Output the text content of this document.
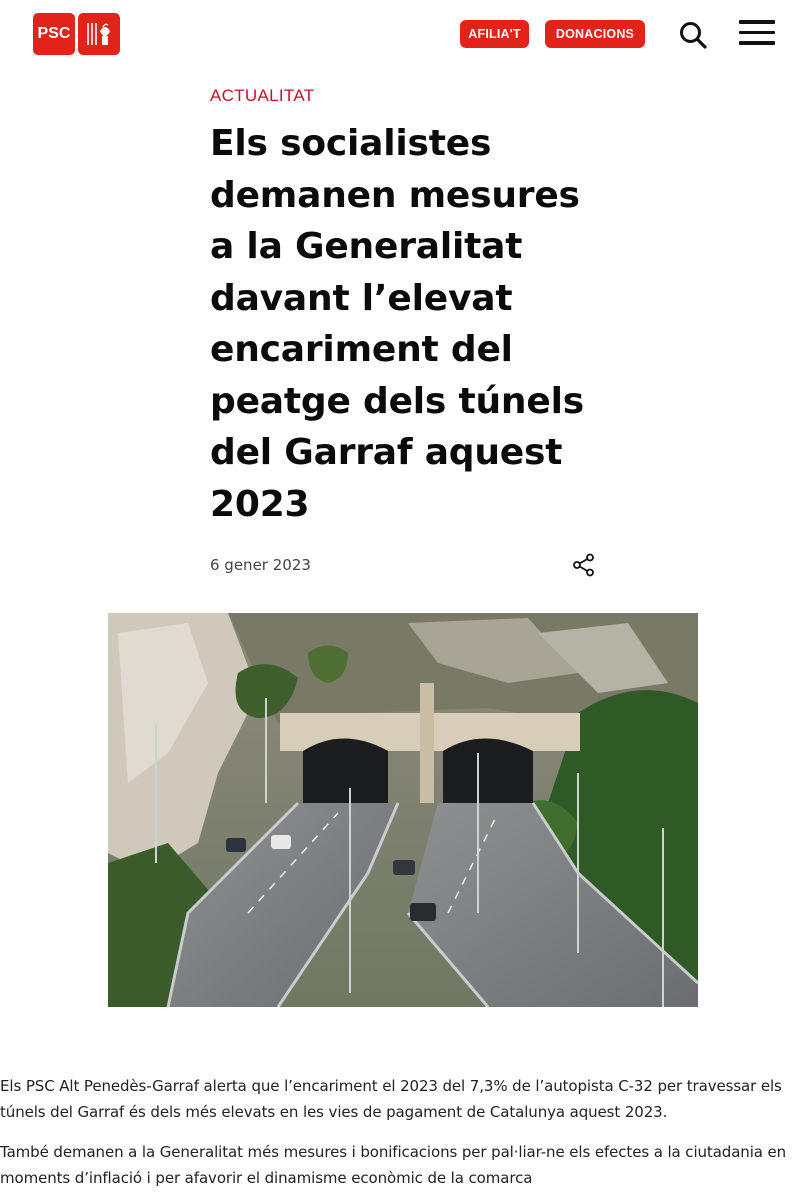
PSC	AFILIA'T	DONACIONS
ACTUALITAT
Els socialistes demanen mesures a la Generalitat davant l’elevat encariment del peatge dels túnels del Garraf aquest 2023
6 gener 2023

Els PSC Alt Penedès-Garraf alerta que l’encariment el 2023 del 7,3% de l’autopista C-32 per travessar els túnels del Garraf és dels més elevats en les vies de pagament de Catalunya aquest 2023.

També demanen a la Generalitat més mesures i bonificacions per pal·liar-ne els efectes a la ciutadania en moments d’inflació i per afavorir el dinamisme econòmic de la comarca
